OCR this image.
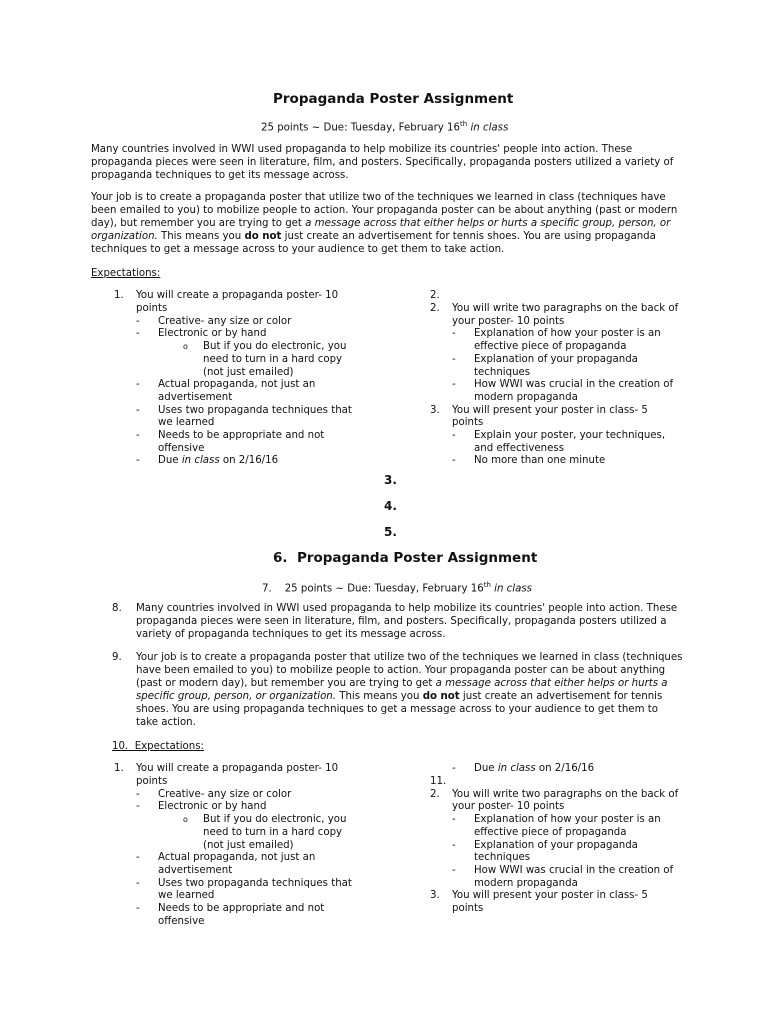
Propaganda Poster Assignment
25 points ~ Due: Tuesday, February 16th in class
Many countries involved in WWI used propaganda to help mobilize its countries' people into action. These
propaganda pieces were seen in literature, film, and posters. Specifically, propaganda posters utilized a variety of
propaganda techniques to get its message across.
Your job is to create a propaganda poster that utilize two of the techniques we learned in class (techniques have
been emailed to you) to mobilize people to action. Your propaganda poster can be about anything (past or modern
day), but remember you are trying to get a message across that either helps or hurts a specific group, person, or
organization. This means you do not just create an advertisement for tennis shoes. You are using propaganda
techniques to get a message across to your audience to get them to take action.
Expectations:
1. You will create a propaganda poster- 10
points
- Creative- any size or color
- Electronic or by hand
o But if you do electronic, you
need to turn in a hard copy
(not just emailed)
- Actual propaganda, not just an
advertisement
- Uses two propaganda techniques that
we learned
- Needs to be appropriate and not
offensive
- Due in class on 2/16/16
2.
2. You will write two paragraphs on the back of
your poster- 10 points
- Explanation of how your poster is an
effective piece of propaganda
- Explanation of your propaganda
techniques
- How WWI was crucial in the creation of
modern propaganda
3. You will present your poster in class- 5
points
- Explain your poster, your techniques,
and effectiveness
- No more than one minute
3.
4.
5.
6. Propaganda Poster Assignment
7. 25 points ~ Due: Tuesday, February 16th in class
8. Many countries involved in WWI used propaganda to help mobilize its countries' people into action. These
propaganda pieces were seen in literature, film, and posters. Specifically, propaganda posters utilized a
variety of propaganda techniques to get its message across.
9. Your job is to create a propaganda poster that utilize two of the techniques we learned in class (techniques
have been emailed to you) to mobilize people to action. Your propaganda poster can be about anything
(past or modern day), but remember you are trying to get a message across that either helps or hurts a
specific group, person, or organization. This means you do not just create an advertisement for tennis
shoes. You are using propaganda techniques to get a message across to your audience to get them to
take action.
10. Expectations:
1. You will create a propaganda poster- 10
points
- Creative- any size or color
- Electronic or by hand
o But if you do electronic, you
need to turn in a hard copy
(not just emailed)
- Actual propaganda, not just an
advertisement
- Uses two propaganda techniques that
we learned
- Needs to be appropriate and not
offensive
- Due in class on 2/16/16
11.
2. You will write two paragraphs on the back of
your poster- 10 points
- Explanation of how your poster is an
effective piece of propaganda
- Explanation of your propaganda
techniques
- How WWI was crucial in the creation of
modern propaganda
3. You will present your poster in class- 5
points
